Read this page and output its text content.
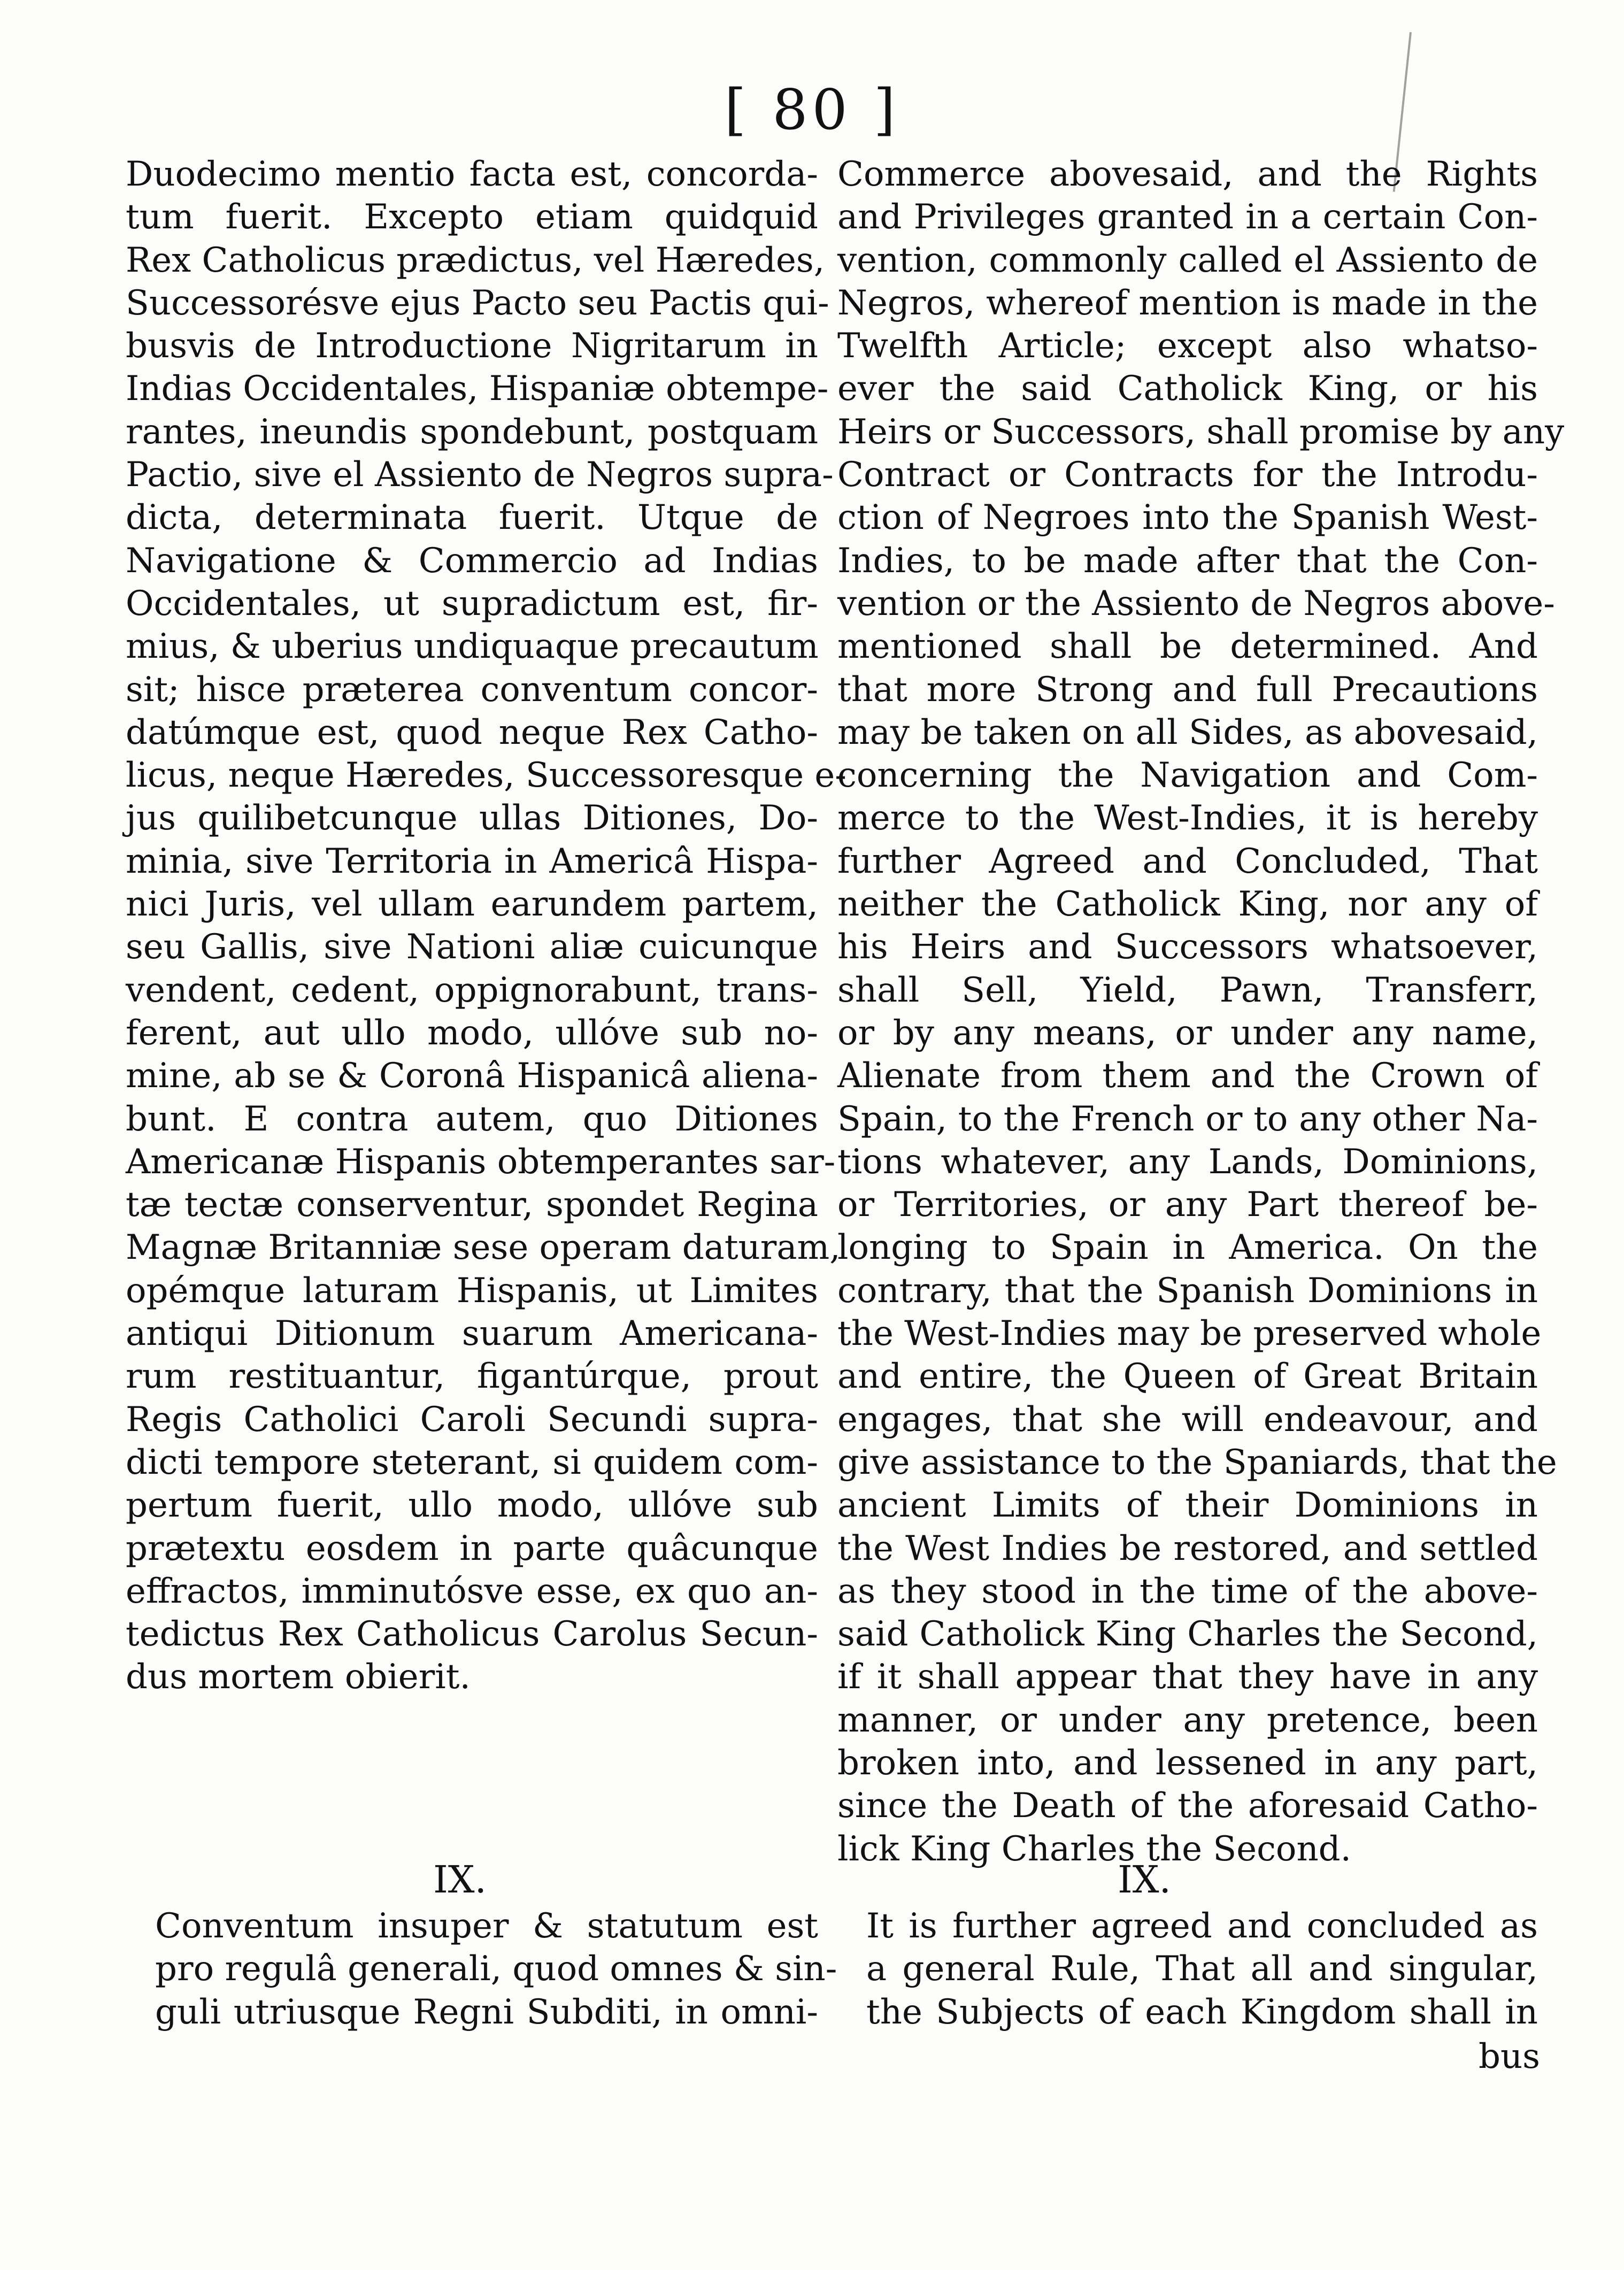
[ 80 ]
Duodecimo mentio facta est, concorda-
tum fuerit. Excepto etiam quidquid
Rex Catholicus prædictus, vel Hæredes,
Successorésve ejus Pacto seu Pactis qui-
busvis de Introductione Nigritarum in
Indias Occidentales, Hispaniæ obtempe-
rantes, ineundis spondebunt, postquam
Pactio, sive el Assiento de Negros supra-
dicta, determinata fuerit. Utque de
Navigatione & Commercio ad Indias
Occidentales, ut supradictum est, fir-
mius, & uberius undiquaque precautum
sit; hisce præterea conventum concor-
datúmque est, quod neque Rex Catho-
licus, neque Hæredes, Successoresque e-
jus quilibetcunque ullas Ditiones, Do-
minia, sive Territoria in Americâ Hispa-
nici Juris, vel ullam earundem partem,
seu Gallis, sive Nationi aliæ cuicunque
vendent, cedent, oppignorabunt, trans-
ferent, aut ullo modo, ullóve sub no-
mine, ab se & Coronâ Hispanicâ aliena-
bunt. E contra autem, quo Ditiones
Americanæ Hispanis obtemperantes sar-
tæ tectæ conserventur, spondet Regina
Magnæ Britanniæ sese operam daturam,
opémque laturam Hispanis, ut Limites
antiqui Ditionum suarum Americana-
rum restituantur, figantúrque, prout
Regis Catholici Caroli Secundi supra-
dicti tempore steterant, si quidem com-
pertum fuerit, ullo modo, ullóve sub
prætextu eosdem in parte quâcunque
effractos, imminutósve esse, ex quo an-
tedictus Rex Catholicus Carolus Secun-
dus mortem obierit.
Commerce abovesaid, and the Rights
and Privileges granted in a certain Con-
vention, commonly called el Assiento de
Negros, whereof mention is made in the
Twelfth Article; except also whatso-
ever the said Catholick King, or his
Heirs or Successors, shall promise by any
Contract or Contracts for the Introdu-
ction of Negroes into the Spanish West-
Indies, to be made after that the Con-
vention or the Assiento de Negros above-
mentioned shall be determined. And
that more Strong and full Precautions
may be taken on all Sides, as abovesaid,
concerning the Navigation and Com-
merce to the West-Indies, it is hereby
further Agreed and Concluded, That
neither the Catholick King, nor any of
his Heirs and Successors whatsoever,
shall Sell, Yield, Pawn, Transferr,
or by any means, or under any name,
Alienate from them and the Crown of
Spain, to the French or to any other Na-
tions whatever, any Lands, Dominions,
or Territories, or any Part thereof be-
longing to Spain in America. On the
contrary, that the Spanish Dominions in
the West-Indies may be preserved whole
and entire, the Queen of Great Britain
engages, that she will endeavour, and
give assistance to the Spaniards, that the
ancient Limits of their Dominions in
the West Indies be restored, and settled
as they stood in the time of the above-
said Catholick King Charles the Second,
if it shall appear that they have in any
manner, or under any pretence, been
broken into, and lessened in any part,
since the Death of the aforesaid Catho-
lick King Charles the Second.
IX.	IX.
Conventum insuper & statutum est
pro regulâ generali, quod omnes & sin-
guli utriusque Regni Subditi, in omni-
It is further agreed and concluded as
a general Rule, That all and singular,
the Subjects of each Kingdom shall in
bus
